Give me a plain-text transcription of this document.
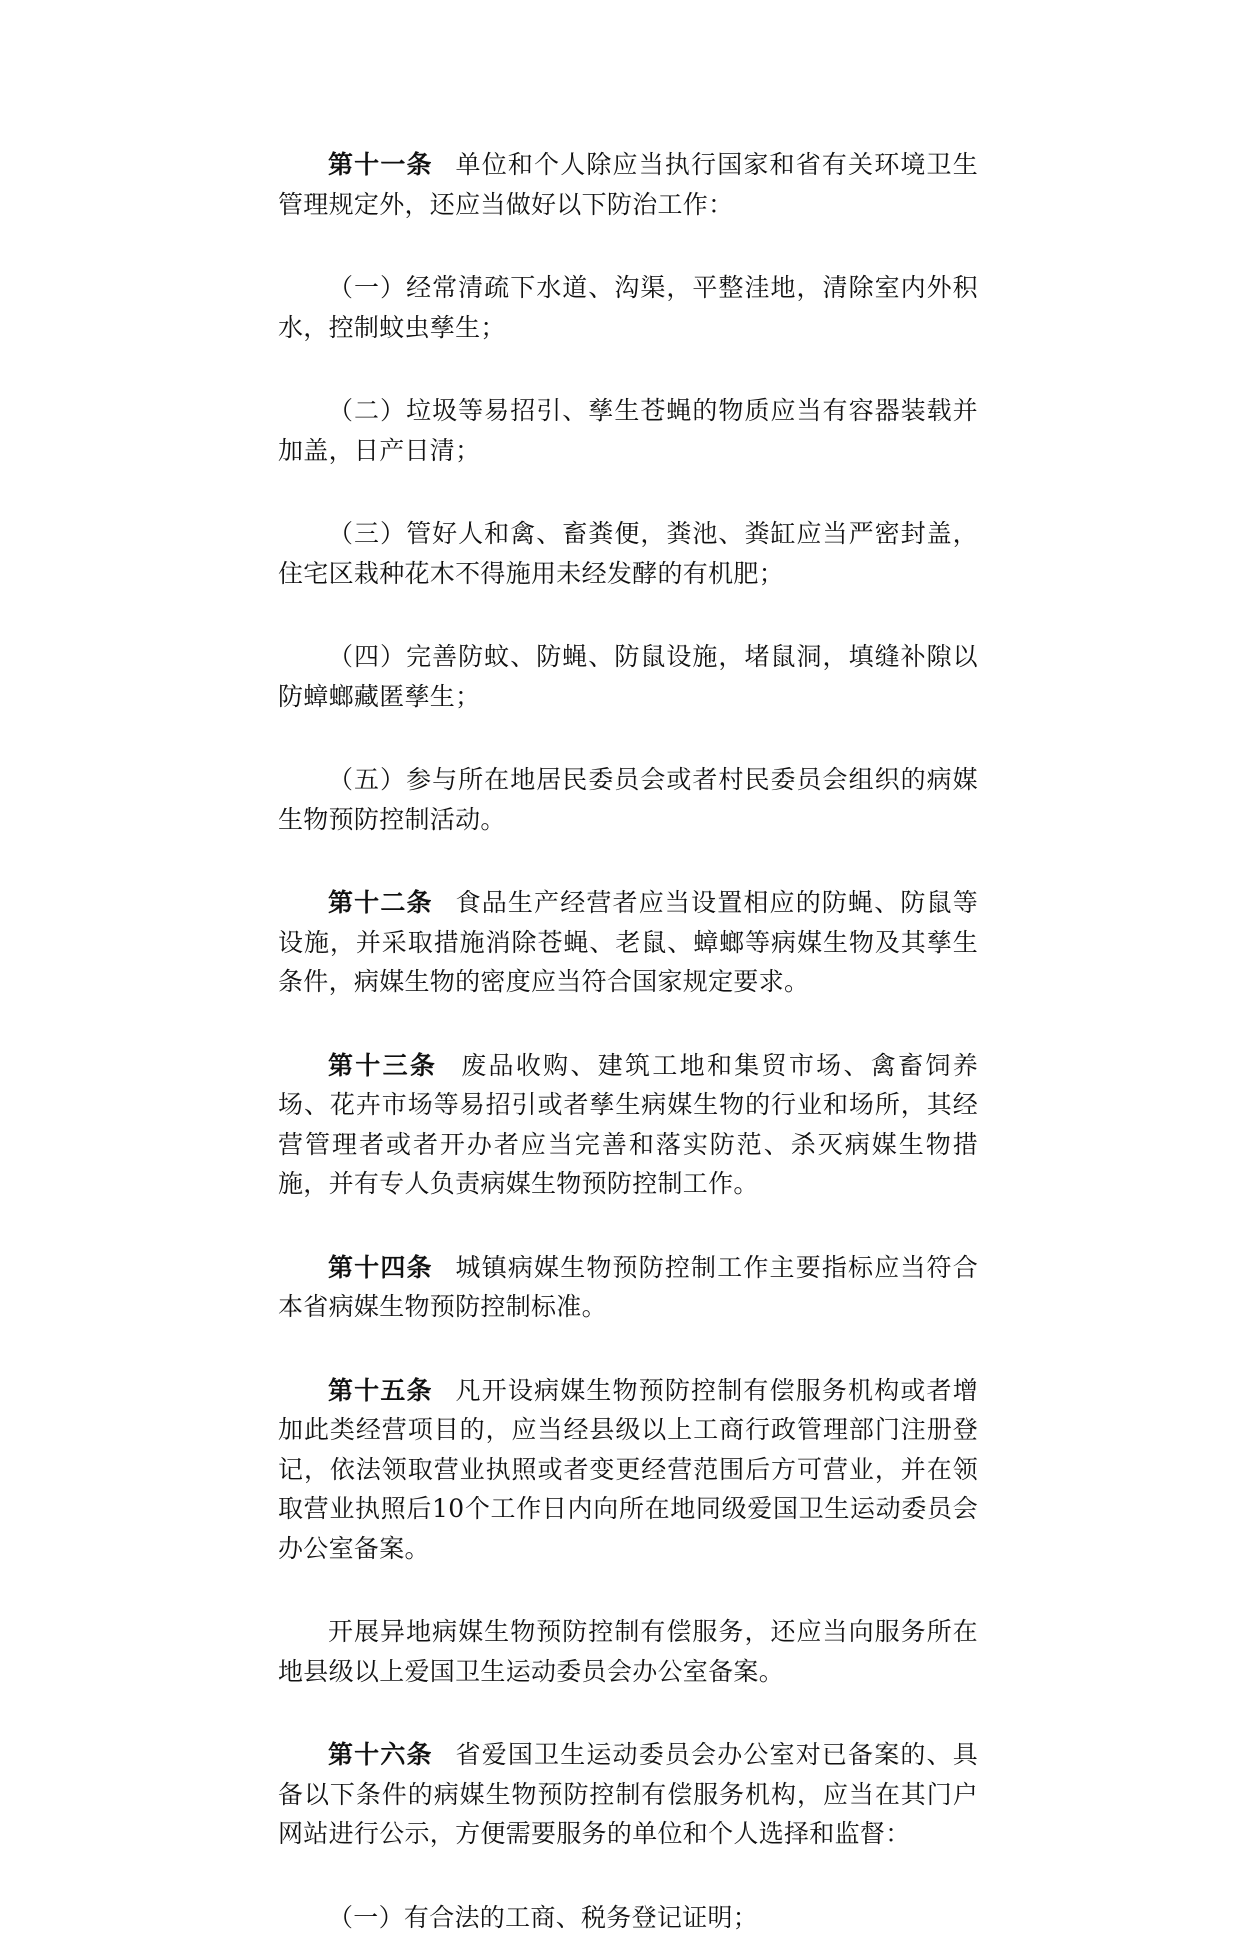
第十一条 单位和个人除应当执行国家和省有关环境卫生管理规定外，还应当做好以下防治工作：

（一）经常清疏下水道、沟渠，平整洼地，清除室内外积水，控制蚊虫孳生；

（二）垃圾等易招引、孳生苍蝇的物质应当有容器装载并加盖，日产日清；

（三）管好人和禽、畜粪便，粪池、粪缸应当严密封盖，住宅区栽种花木不得施用未经发酵的有机肥；

（四）完善防蚊、防蝇、防鼠设施，堵鼠洞，填缝补隙以防蟑螂藏匿孳生；

（五）参与所在地居民委员会或者村民委员会组织的病媒生物预防控制活动。

第十二条 食品生产经营者应当设置相应的防蝇、防鼠等设施，并采取措施消除苍蝇、老鼠、蟑螂等病媒生物及其孳生条件，病媒生物的密度应当符合国家规定要求。

第十三条 废品收购、建筑工地和集贸市场、禽畜饲养场、花卉市场等易招引或者孳生病媒生物的行业和场所，其经营管理者或者开办者应当完善和落实防范、杀灭病媒生物措施，并有专人负责病媒生物预防控制工作。

第十四条 城镇病媒生物预防控制工作主要指标应当符合本省病媒生物预防控制标准。

第十五条 凡开设病媒生物预防控制有偿服务机构或者增加此类经营项目的，应当经县级以上工商行政管理部门注册登记，依法领取营业执照或者变更经营范围后方可营业，并在领取营业执照后10个工作日内向所在地同级爱国卫生运动委员会办公室备案。

开展异地病媒生物预防控制有偿服务，还应当向服务所在地县级以上爱国卫生运动委员会办公室备案。

第十六条 省爱国卫生运动委员会办公室对已备案的、具备以下条件的病媒生物预防控制有偿服务机构，应当在其门户网站进行公示，方便需要服务的单位和个人选择和监督：

（一）有合法的工商、税务登记证明；
